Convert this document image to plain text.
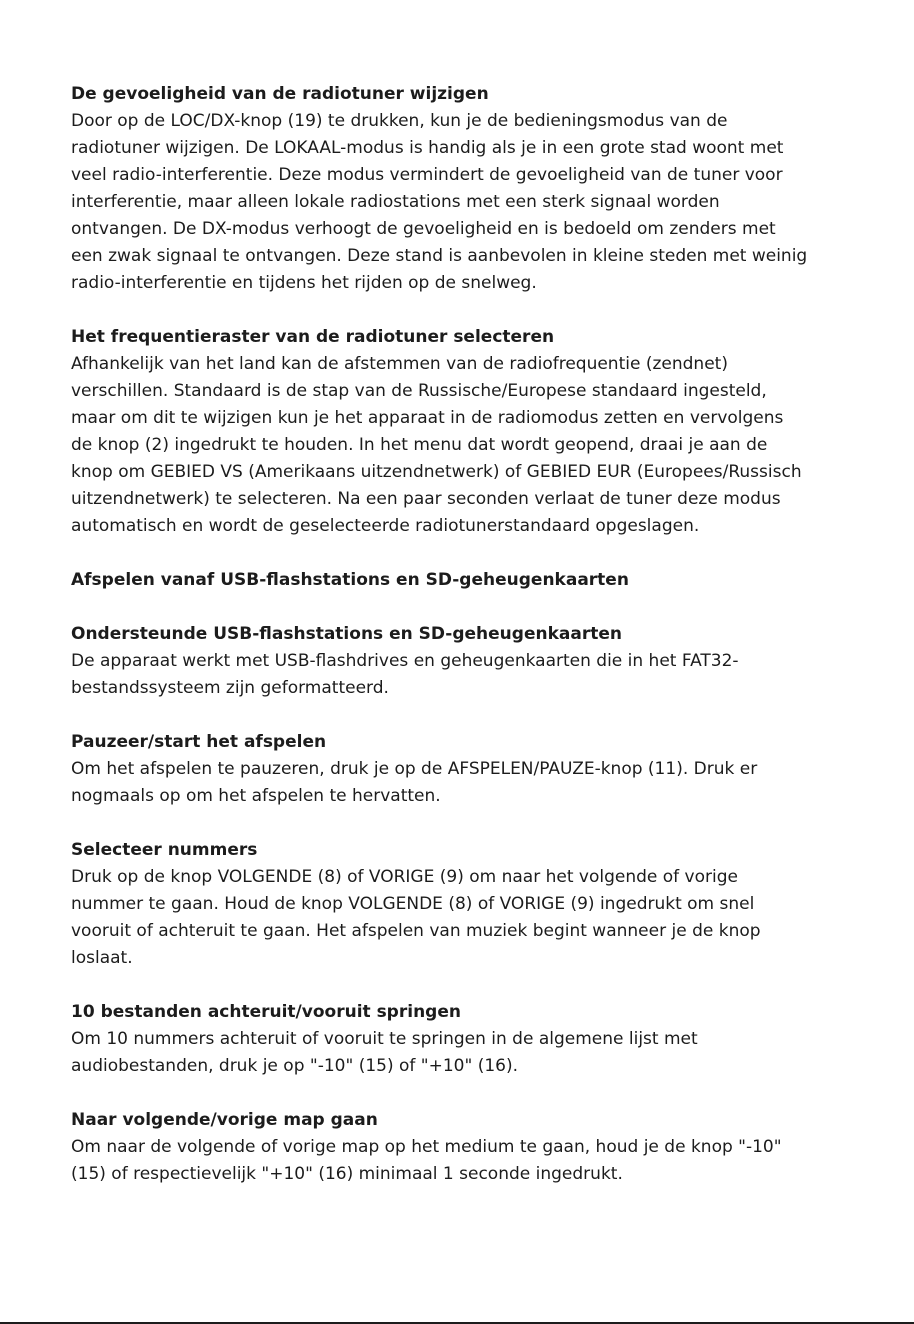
De gevoeligheid van de radiotuner wijzigen

Door op de LOC/DX-knop (19) te drukken, kun je de bedieningsmodus van de

radiotuner wijzigen. De LOKAAL-modus is handig als je in een grote stad woont met

veel radio-interferentie. Deze modus vermindert de gevoeligheid van de tuner voor

interferentie, maar alleen lokale radiostations met een sterk signaal worden

ontvangen. De DX-modus verhoogt de gevoeligheid en is bedoeld om zenders met

een zwak signaal te ontvangen. Deze stand is aanbevolen in kleine steden met weinig

radio-interferentie en tijdens het rijden op de snelweg.

Het frequentieraster van de radiotuner selecteren

Afhankelijk van het land kan de afstemmen van de radiofrequentie (zendnet)

verschillen. Standaard is de stap van de Russische/Europese standaard ingesteld,

maar om dit te wijzigen kun je het apparaat in de radiomodus zetten en vervolgens

de knop (2) ingedrukt te houden. In het menu dat wordt geopend, draai je aan de

knop om GEBIED VS (Amerikaans uitzendnetwerk) of GEBIED EUR (Europees/Russisch

uitzendnetwerk) te selecteren. Na een paar seconden verlaat de tuner deze modus

automatisch en wordt de geselecteerde radiotunerstandaard opgeslagen.

Afspelen vanaf USB-flashstations en SD-geheugenkaarten

Ondersteunde USB-flashstations en SD-geheugenkaarten

De apparaat werkt met USB-flashdrives en geheugenkaarten die in het FAT32-

bestandssysteem zijn geformatteerd.

Pauzeer/start het afspelen

Om het afspelen te pauzeren, druk je op de AFSPELEN/PAUZE-knop (11). Druk er

nogmaals op om het afspelen te hervatten.

Selecteer nummers

Druk op de knop VOLGENDE (8) of VORIGE (9) om naar het volgende of vorige

nummer te gaan. Houd de knop VOLGENDE (8) of VORIGE (9) ingedrukt om snel

vooruit of achteruit te gaan. Het afspelen van muziek begint wanneer je de knop

loslaat.

10 bestanden achteruit/vooruit springen

Om 10 nummers achteruit of vooruit te springen in de algemene lijst met

audiobestanden, druk je op "-10" (15) of "+10" (16).

Naar volgende/vorige map gaan

Om naar de volgende of vorige map op het medium te gaan, houd je de knop "-10"

(15) of respectievelijk "+10" (16) minimaal 1 seconde ingedrukt.
